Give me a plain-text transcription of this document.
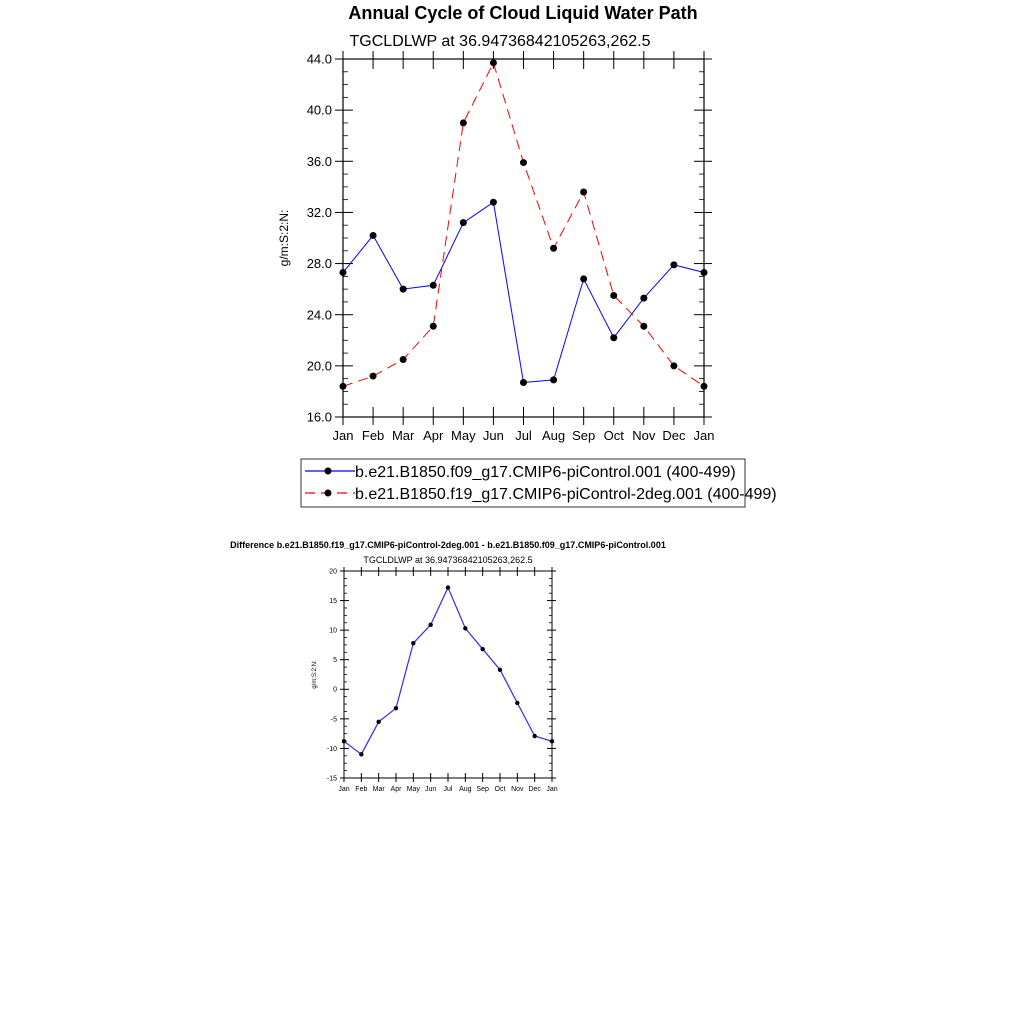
Annual Cycle of Cloud Liquid Water Path
TGCLDLWP at 36.94736842105263,262.5
g/m:S:2:N:
16.0
20.0
24.0
28.0
32.0
36.0
40.0
44.0
Jan Feb Mar Apr May Jun Jul Aug Sep Oct Nov Dec Jan
b.e21.B1850.f09_g17.CMIP6-piControl.001 (400-499)
b.e21.B1850.f19_g17.CMIP6-piControl-2deg.001 (400-499)
Difference b.e21.B1850.f19_g17.CMIP6-piControl-2deg.001 - b.e21.B1850.f09_g17.CMIP6-piControl.001
TGCLDLWP at 36.94736842105263,262.5
g/m:S:2:N:
-15
-10
-5
0
5
10
15
20
Jan Feb Mar Apr May Jun Jul Aug Sep Oct Nov Dec Jan
